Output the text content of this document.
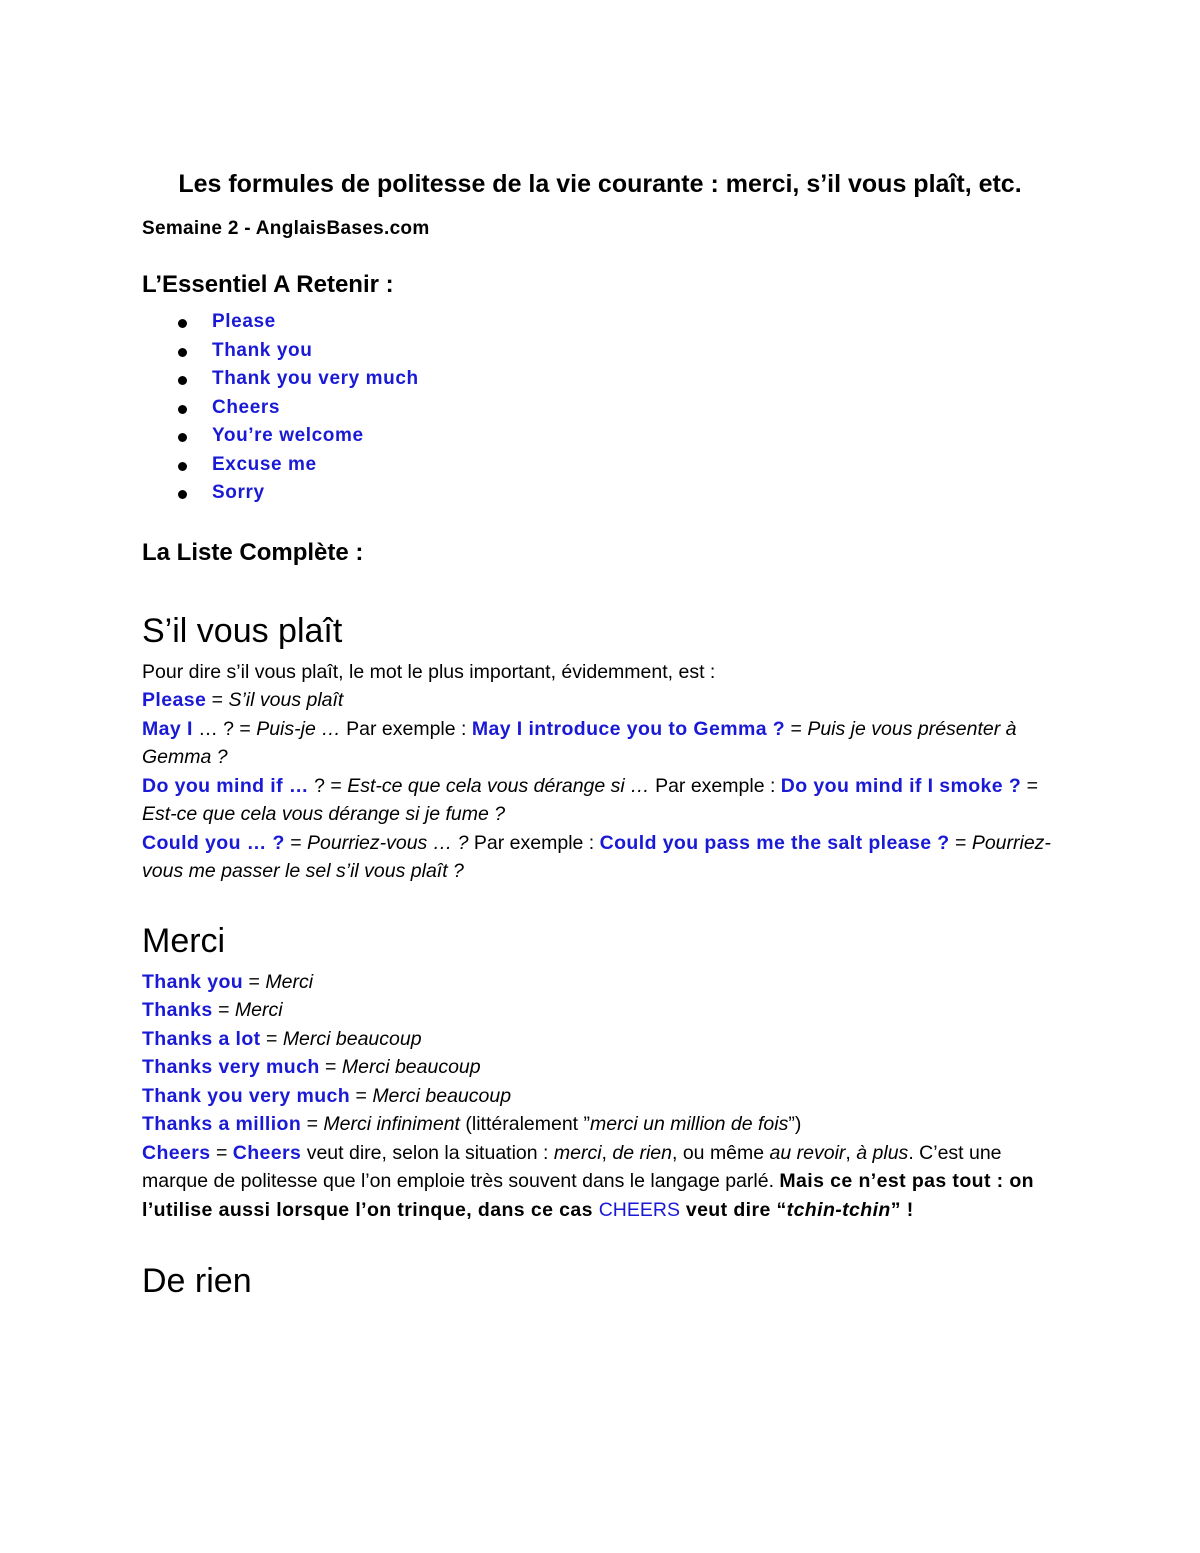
Les formules de politesse de la vie courante : merci, s’il vous plaît, etc.

Semaine 2 - AnglaisBases.com

L’Essentiel A Retenir :

Please
Thank you
Thank you very much
Cheers
You’re welcome
Excuse me
Sorry

La Liste Complète :

S’il vous plaît

Pour dire s’il vous plaît, le mot le plus important, évidemment, est :

Please = S’il vous plaît

May I … ? = Puis-je … Par exemple : May I introduce you to Gemma ? = Puis je vous présenter à Gemma ?

Do you mind if … ? = Est-ce que cela vous dérange si … Par exemple : Do you mind if I smoke ? = Est-ce que cela vous dérange si je fume ?

Could you … ? = Pourriez-vous … ? Par exemple : Could you pass me the salt please ? = Pourriez-vous me passer le sel s’il vous plaît ?

Merci

Thank you = Merci

Thanks = Merci

Thanks a lot = Merci beaucoup

Thanks very much = Merci beaucoup

Thank you very much = Merci beaucoup

Thanks a million = Merci infiniment (littéralement ”merci un million de fois”)

Cheers = Cheers veut dire, selon la situation : merci, de rien, ou même au revoir, à plus. C’est une marque de politesse que l’on emploie très souvent dans le langage parlé. Mais ce n’est pas tout : on l’utilise aussi lorsque l’on trinque, dans ce cas CHEERS veut dire “tchin-tchin” !

De rien
